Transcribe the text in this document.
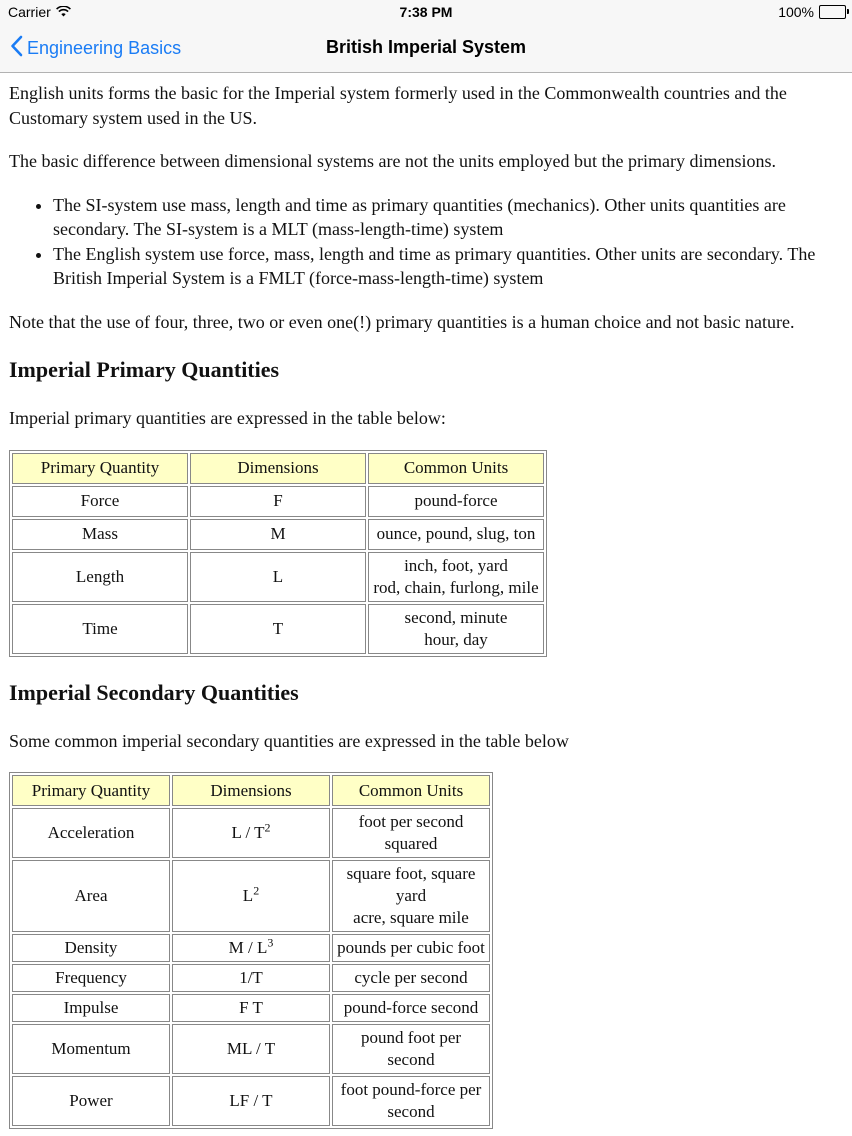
Carrier	7:38 PM	100%
Engineering Basics	British Imperial System

English units forms the basic for the Imperial system formerly used in the Commonwealth countries and the Customary system used in the US.

The basic difference between dimensional systems are not the units employed but the primary dimensions.

• The SI-system use mass, length and time as primary quantities (mechanics). Other units quantities are secondary. The SI-system is a MLT (mass-length-time) system
• The English system use force, mass, length and time as primary quantities. Other units are secondary. The British Imperial System is a FMLT (force-mass-length-time) system

Note that the use of four, three, two or even one(!) primary quantities is a human choice and not basic nature.

Imperial Primary Quantities

Imperial primary quantities are expressed in the table below:

Primary Quantity	Dimensions	Common Units
Force	F	pound-force
Mass	M	ounce, pound, slug, ton
Length	L	inch, foot, yard
rod, chain, furlong, mile
Time	T	second, minute
hour, day
Imperial Secondary Quantities

Some common imperial secondary quantities are expressed in the table below

Primary Quantity	Dimensions	Common Units
Acceleration	L / $T^2$	foot per second
squared
Area	$L^2$	square foot, square
yard
acre, square mile
Density	M / $L^3$	pounds per cubic foot
Frequency	1/T	cycle per second
Impulse	F T	pound-force second
Momentum	ML / T	pound foot per second
Power	LF / T	foot pound-force per
second
